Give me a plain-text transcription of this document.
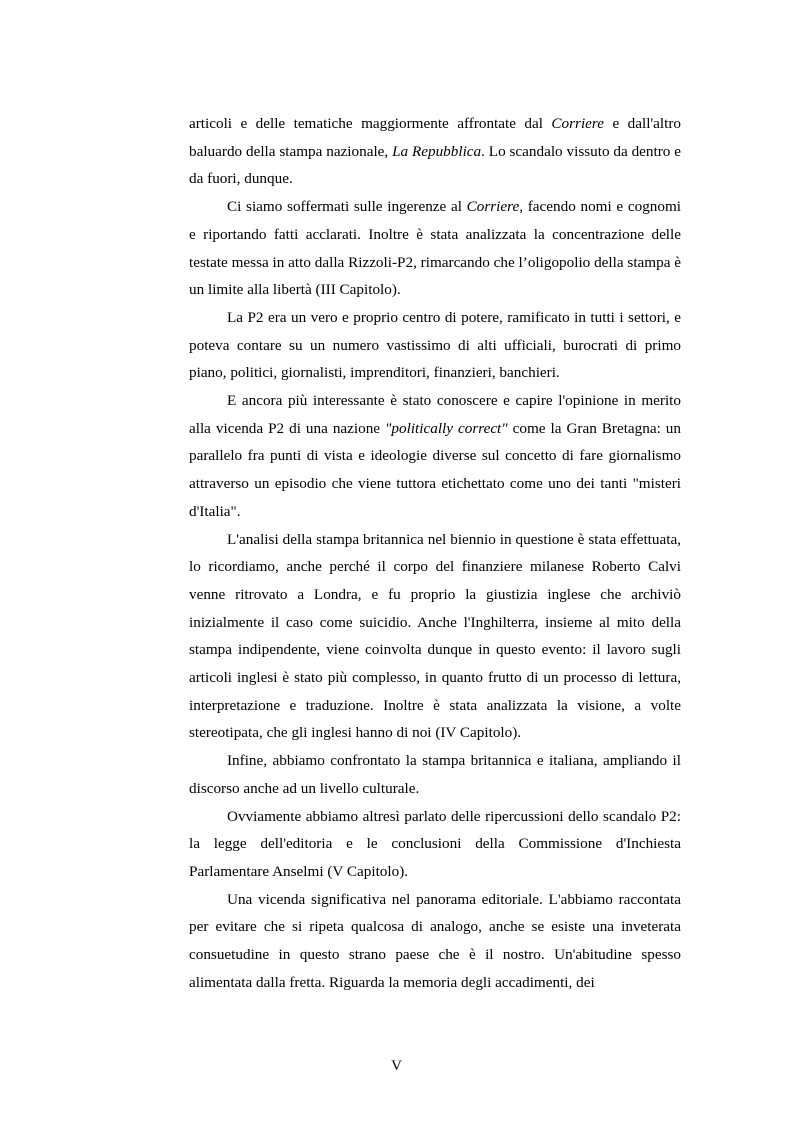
articoli e delle tematiche maggiormente affrontate dal Corriere e dall'altro baluardo della stampa nazionale, La Repubblica. Lo scandalo vissuto da dentro e da fuori, dunque.

Ci siamo soffermati sulle ingerenze al Corriere, facendo nomi e cognomi e riportando fatti acclarati. Inoltre è stata analizzata la concentrazione delle testate messa in atto dalla Rizzoli-P2, rimarcando che l’oligopolio della stampa è un limite alla libertà (III Capitolo).

La P2 era un vero e proprio centro di potere, ramificato in tutti i settori, e poteva contare su un numero vastissimo di alti ufficiali, burocrati di primo piano, politici, giornalisti, imprenditori, finanzieri, banchieri.

E ancora più interessante è stato conoscere e capire l'opinione in merito alla vicenda P2 di una nazione "politically correct" come la Gran Bretagna: un parallelo fra punti di vista e ideologie diverse sul concetto di fare giornalismo attraverso un episodio che viene tuttora etichettato come uno dei tanti "misteri d'Italia".

L'analisi della stampa britannica nel biennio in questione è stata effettuata, lo ricordiamo, anche perché il corpo del finanziere milanese Roberto Calvi venne ritrovato a Londra, e fu proprio la giustizia inglese che archiviò inizialmente il caso come suicidio. Anche l'Inghilterra, insieme al mito della stampa indipendente, viene coinvolta dunque in questo evento: il lavoro sugli articoli inglesi è stato più complesso, in quanto frutto di un processo di lettura, interpretazione e traduzione. Inoltre è stata analizzata la visione, a volte stereotipata, che gli inglesi hanno di noi (IV Capitolo).

Infine, abbiamo confrontato la stampa britannica e italiana, ampliando il discorso anche ad un livello culturale.

Ovviamente abbiamo altresì parlato delle ripercussioni dello scandalo P2: la legge dell'editoria e le conclusioni della Commissione d'Inchiesta Parlamentare Anselmi (V Capitolo).

Una vicenda significativa nel panorama editoriale. L'abbiamo raccontata per evitare che si ripeta qualcosa di analogo, anche se esiste una inveterata consuetudine in questo strano paese che è il nostro. Un'abitudine spesso alimentata dalla fretta. Riguarda la memoria degli accadimenti, dei

V
